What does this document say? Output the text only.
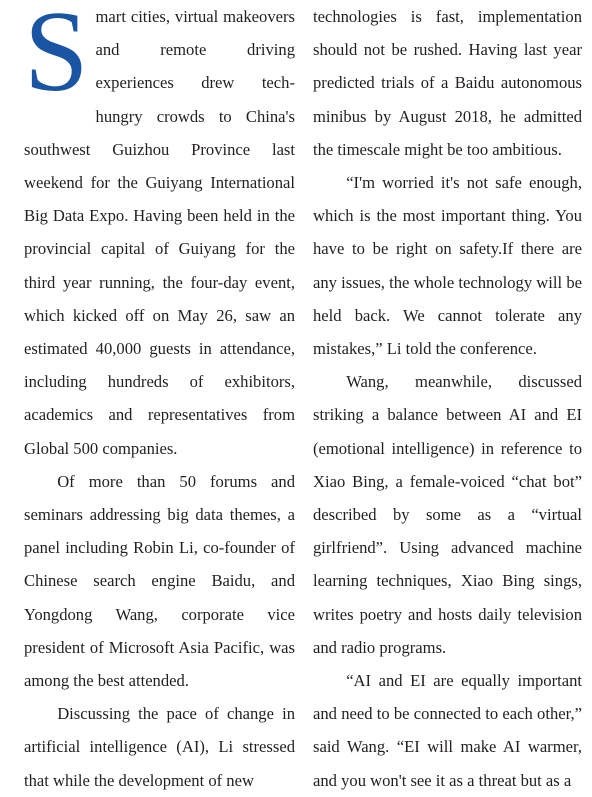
Smart cities, virtual makeovers and remote driving experiences drew tech-hungry crowds to China's southwest Guizhou Province last weekend for the Guiyang International Big Data Expo. Having been held in the provincial capital of Guiyang for the third year running, the four-day event, which kicked off on May 26, saw an estimated 40,000 guests in attendance, including hundreds of exhibitors, academics and representatives from Global 500 companies.

Of more than 50 forums and seminars addressing big data themes, a panel including Robin Li, co-founder of Chinese search engine Baidu, and Yongdong Wang, corporate vice president of Microsoft Asia Pacific, was among the best attended.

Discussing the pace of change in artificial intelligence (AI), Li stressed that while the development of new

technologies is fast, implementation should not be rushed. Having last year predicted trials of a Baidu autonomous minibus by August 2018, he admitted the timescale might be too ambitious.

“I'm worried it's not safe enough, which is the most important thing. You have to be right on safety.If there are any issues, the whole technology will be held back. We cannot tolerate any mistakes,” Li told the conference.

Wang, meanwhile, discussed striking a balance between AI and EI (emotional intelligence) in reference to Xiao Bing, a female-voiced “chat bot” described by some as a “virtual girlfriend”. Using advanced machine learning techniques, Xiao Bing sings, writes poetry and hosts daily television and radio programs.

“AI and EI are equally important and need to be connected to each other,” said Wang. “EI will make AI warmer, and you won't see it as a threat but as a
